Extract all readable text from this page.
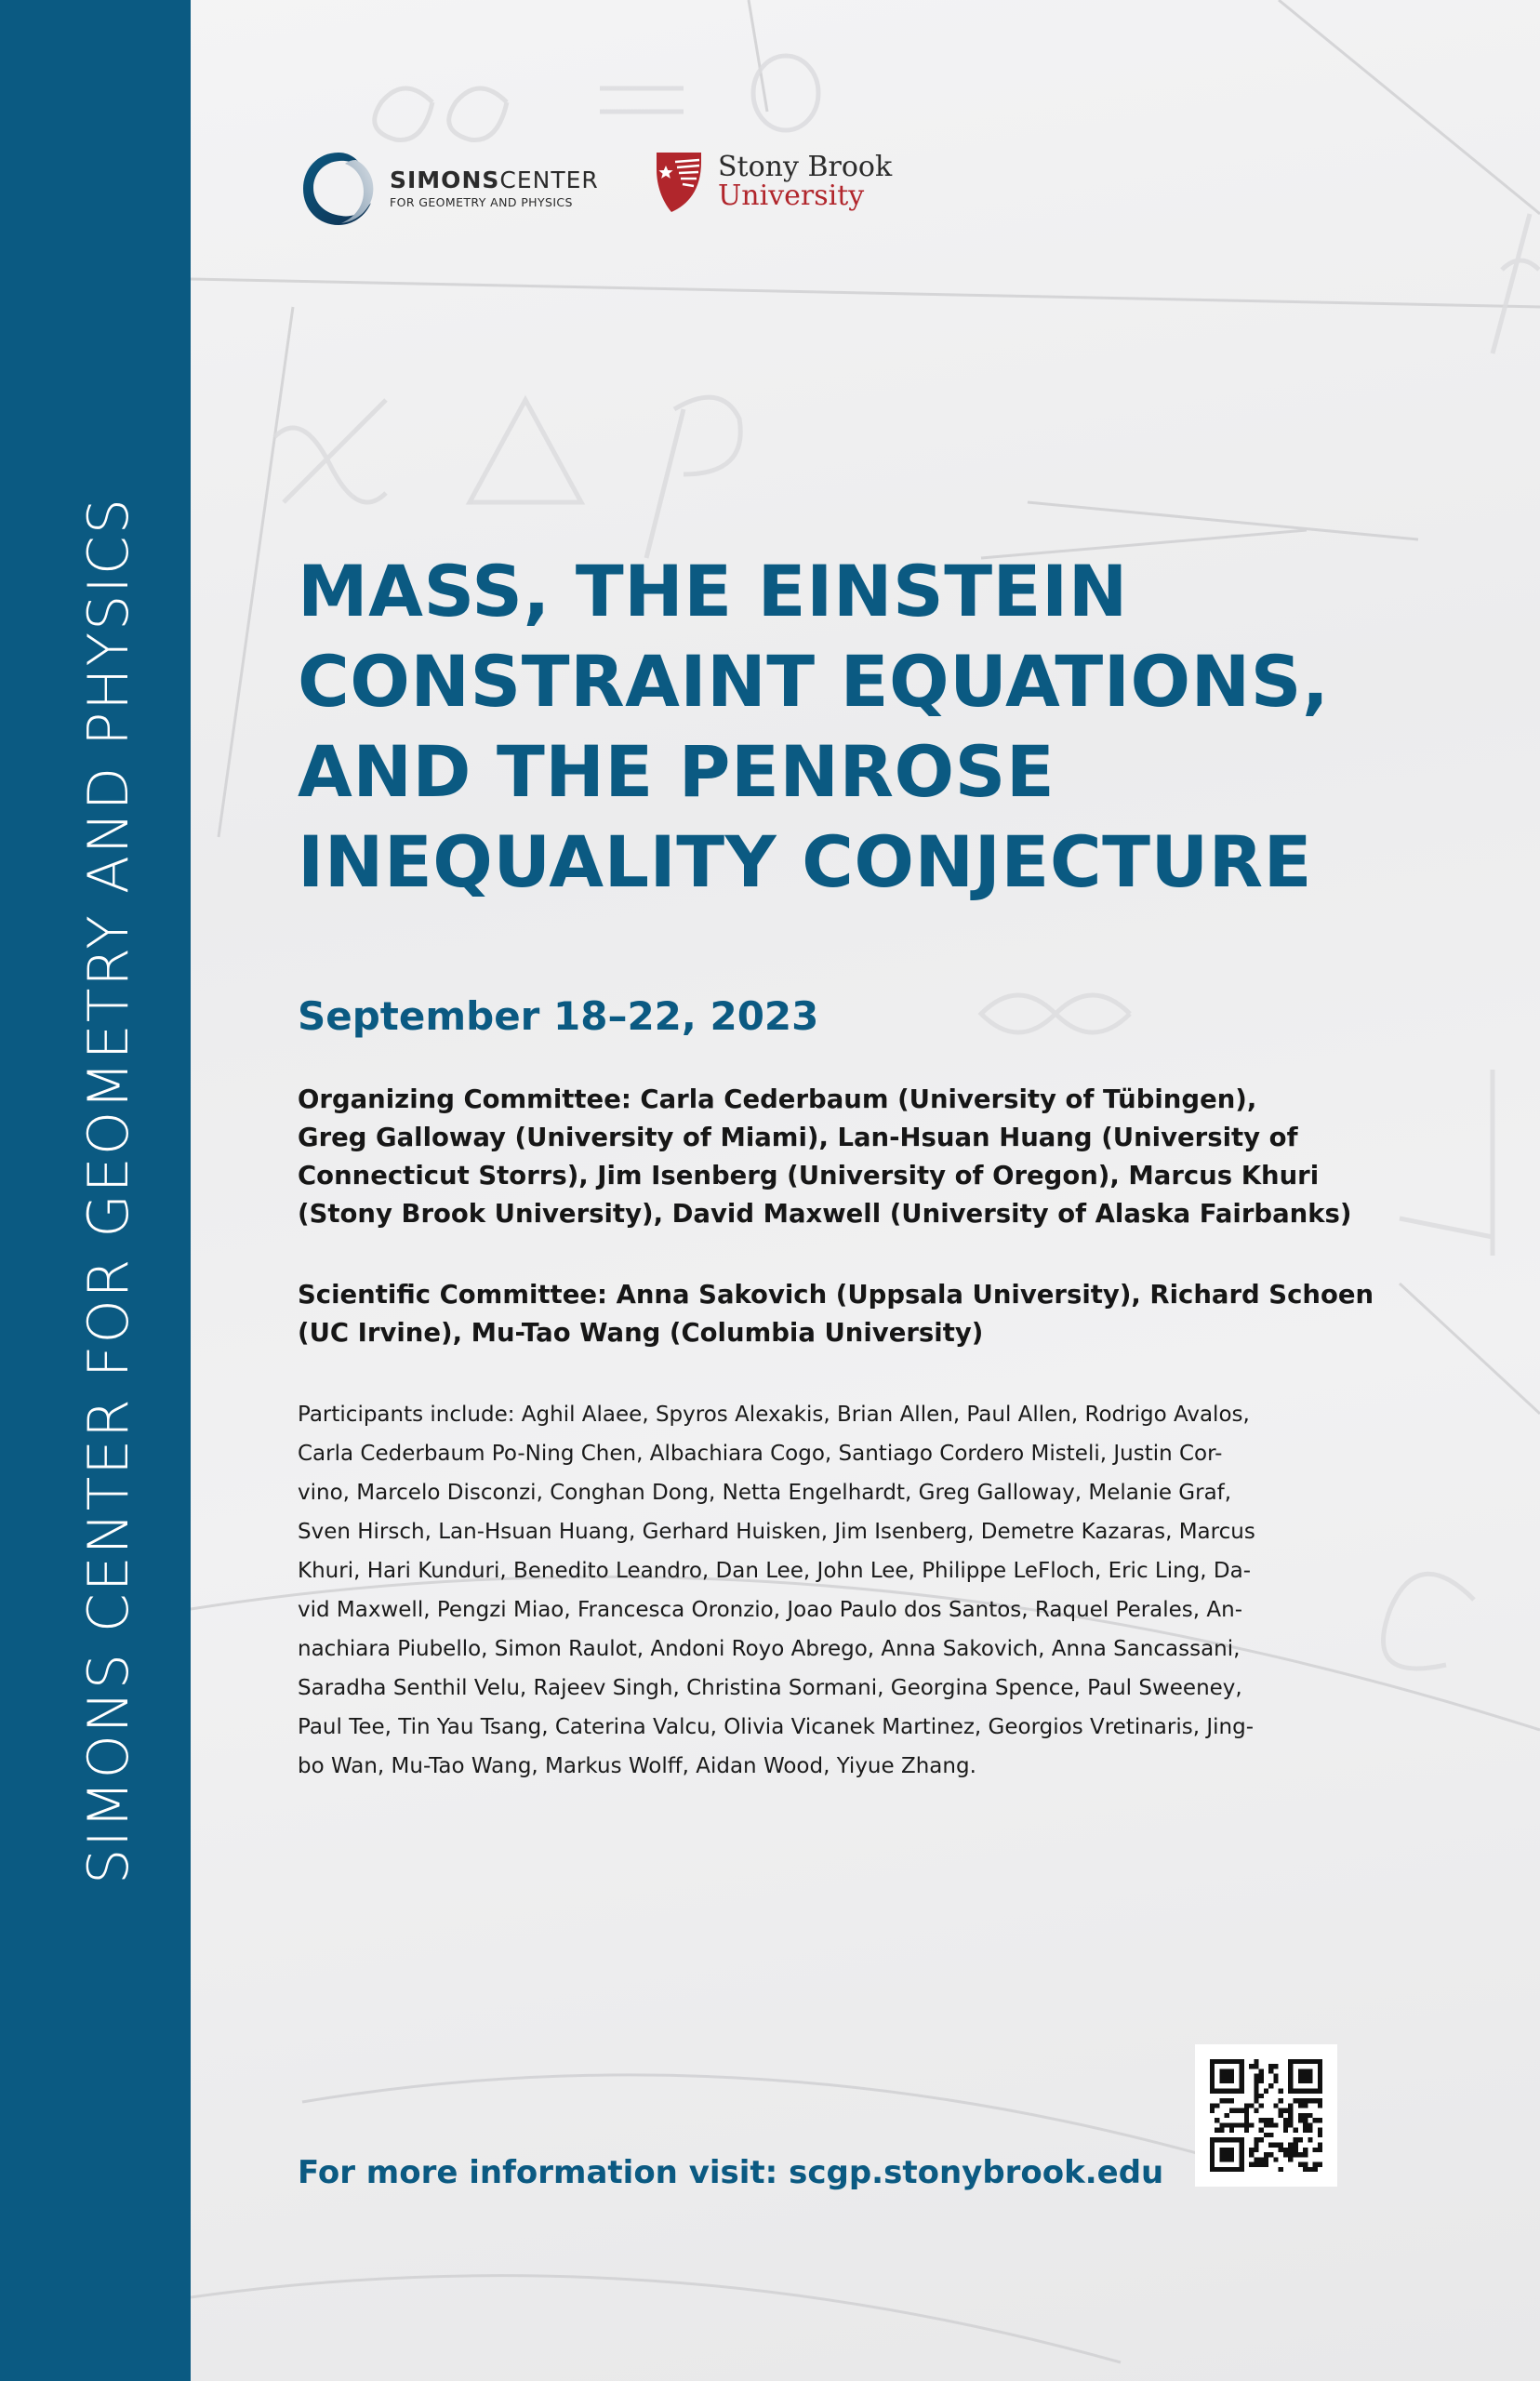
SIMONS CENTER FOR GEOMETRY AND PHYSICS
SIMONSCENTER
FOR GEOMETRY AND PHYSICS
Stony Brook
University
MASS, THE EINSTEIN
CONSTRAINT EQUATIONS,
AND THE PENROSE
INEQUALITY CONJECTURE
September 18–22, 2023

Organizing Committee: Carla Cederbaum (University of Tübingen),
Greg Galloway (University of Miami), Lan-Hsuan Huang (University of
Connecticut Storrs), Jim Isenberg (University of Oregon), Marcus Khuri
(Stony Brook University), David Maxwell (University of Alaska Fairbanks)

Scientific Committee: Anna Sakovich (Uppsala University), Richard Schoen
(UC Irvine), Mu-Tao Wang (Columbia University)

Participants include: Aghil Alaee, Spyros Alexakis, Brian Allen, Paul Allen, Rodrigo Avalos,
Carla Cederbaum Po-Ning Chen, Albachiara Cogo, Santiago Cordero Misteli, Justin Cor-
vino, Marcelo Disconzi, Conghan Dong, Netta Engelhardt, Greg Galloway, Melanie Graf,
Sven Hirsch, Lan-Hsuan Huang, Gerhard Huisken, Jim Isenberg, Demetre Kazaras, Marcus
Khuri, Hari Kunduri, Benedito Leandro, Dan Lee, John Lee, Philippe LeFloch, Eric Ling, Da-
vid Maxwell, Pengzi Miao, Francesca Oronzio, Joao Paulo dos Santos, Raquel Perales, An-
nachiara Piubello, Simon Raulot, Andoni Royo Abrego, Anna Sakovich, Anna Sancassani,
Saradha Senthil Velu, Rajeev Singh, Christina Sormani, Georgina Spence, Paul Sweeney,
Paul Tee, Tin Yau Tsang, Caterina Valcu, Olivia Vicanek Martinez, Georgios Vretinaris, Jing-
bo Wan, Mu-Tao Wang, Markus Wolff, Aidan Wood, Yiyue Zhang.

For more information visit: scgp.stonybrook.edu
